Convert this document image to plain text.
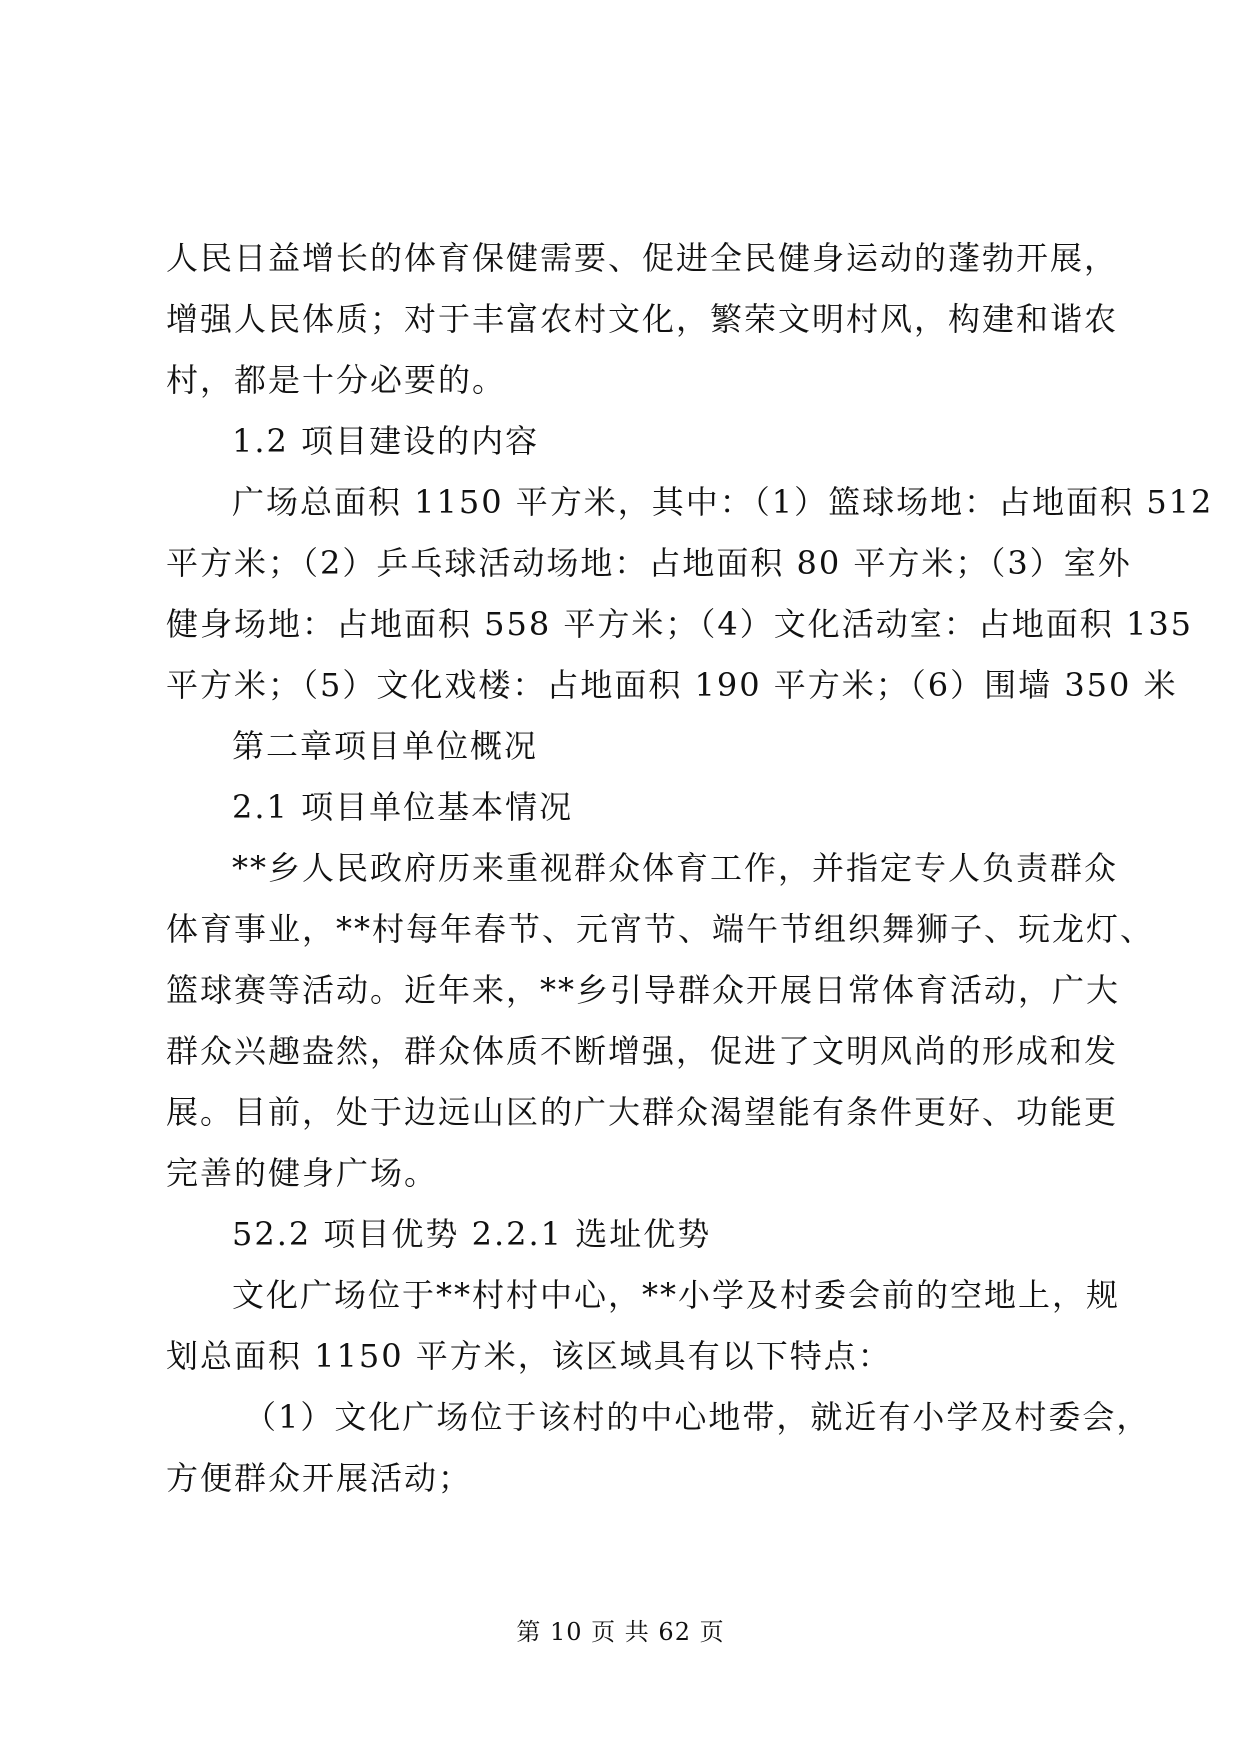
人民日益增长的体育保健需要、促进全民健身运动的蓬勃开展，
增强人民体质；对于丰富农村文化，繁荣文明村风，构建和谐农
村，都是十分必要的。
1.2 项目建设的内容
广场总面积 1150 平方米，其中：（1）篮球场地：占地面积 512
平方米；（2）乒乓球活动场地：占地面积 80 平方米；（3）室外
健身场地：占地面积 558 平方米；（4）文化活动室：占地面积 135
平方米；（5）文化戏楼：占地面积 190 平方米；（6）围墙 350 米
第二章项目单位概况
2.1 项目单位基本情况
**乡人民政府历来重视群众体育工作，并指定专人负责群众
体育事业，**村每年春节、元宵节、端午节组织舞狮子、玩龙灯、
篮球赛等活动。近年来，**乡引导群众开展日常体育活动，广大
群众兴趣盎然，群众体质不断增强，促进了文明风尚的形成和发
展。目前，处于边远山区的广大群众渴望能有条件更好、功能更
完善的健身广场。
52.2 项目优势 2.2.1 选址优势
文化广场位于**村村中心，**小学及村委会前的空地上，规
划总面积 1150 平方米，该区域具有以下特点：
（1）文化广场位于该村的中心地带，就近有小学及村委会，
方便群众开展活动；
第 10 页 共 62 页
